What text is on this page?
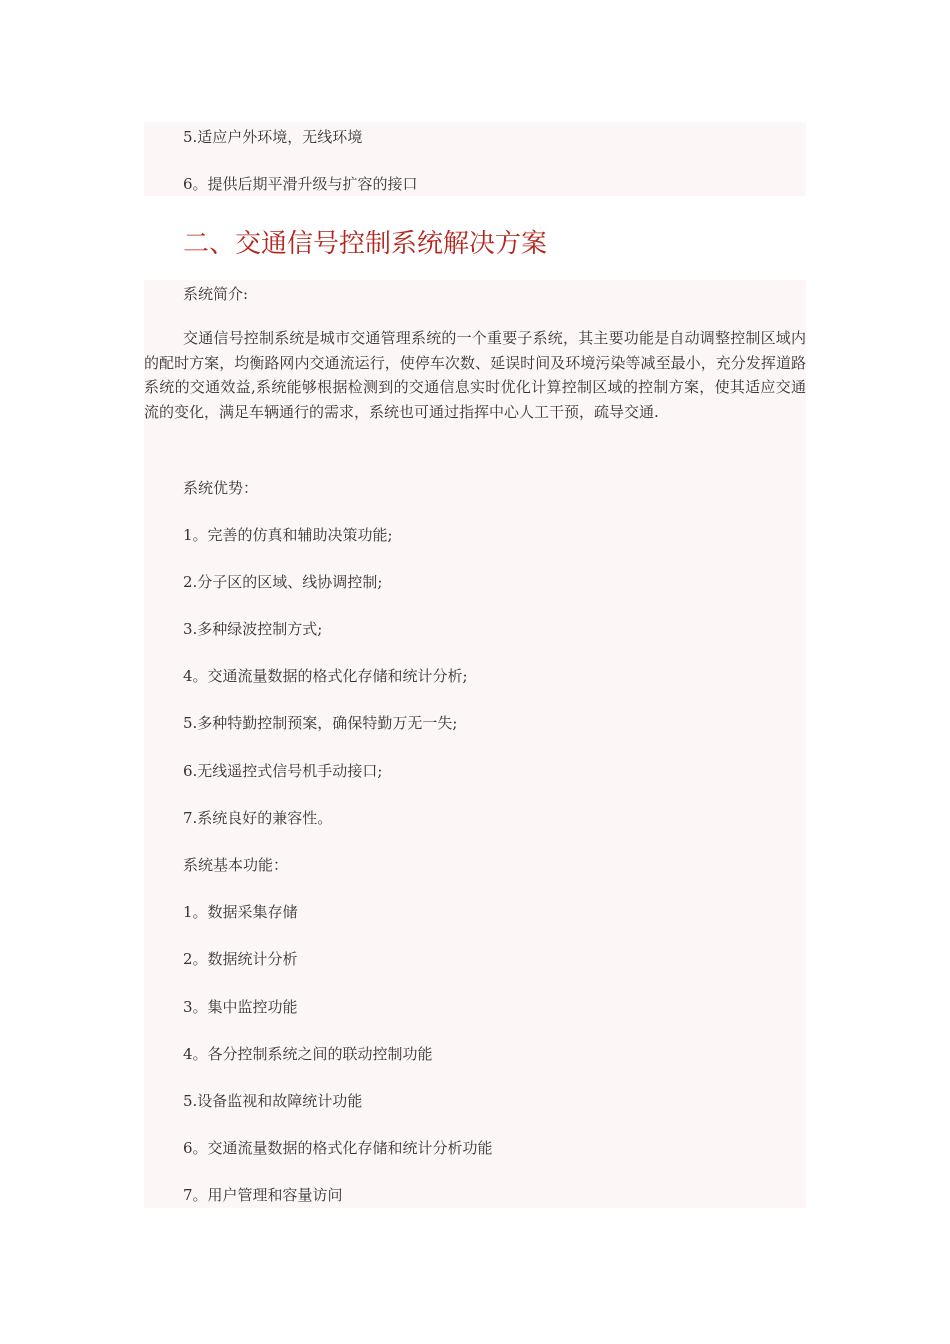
5.适应户外环境，无线环境
6。提供后期平滑升级与扩容的接口
二、交通信号控制系统解决方案
系统简介:
交通信号控制系统是城市交通管理系统的一个重要子系统，其主要功能是自动调整控制区域内的配时方案，均衡路网内交通流运行，使停车次数、延误时间及环境污染等减至最小，充分发挥道路系统的交通效益,系统能够根据检测到的交通信息实时优化计算控制区域的控制方案，使其适应交通流的变化，满足车辆通行的需求，系统也可通过指挥中心人工干预，疏导交通.
系统优势：
1。完善的仿真和辅助决策功能;
2.分子区的区域、线协调控制;
3.多种绿波控制方式;
4。交通流量数据的格式化存储和统计分析;
5.多种特勤控制预案，确保特勤万无一失;
6.无线遥控式信号机手动接口;
7.系统良好的兼容性。
系统基本功能：
1。数据采集存储
2。数据统计分析
3。集中监控功能
4。各分控制系统之间的联动控制功能
5.设备监视和故障统计功能
6。交通流量数据的格式化存储和统计分析功能
7。用户管理和容量访问
